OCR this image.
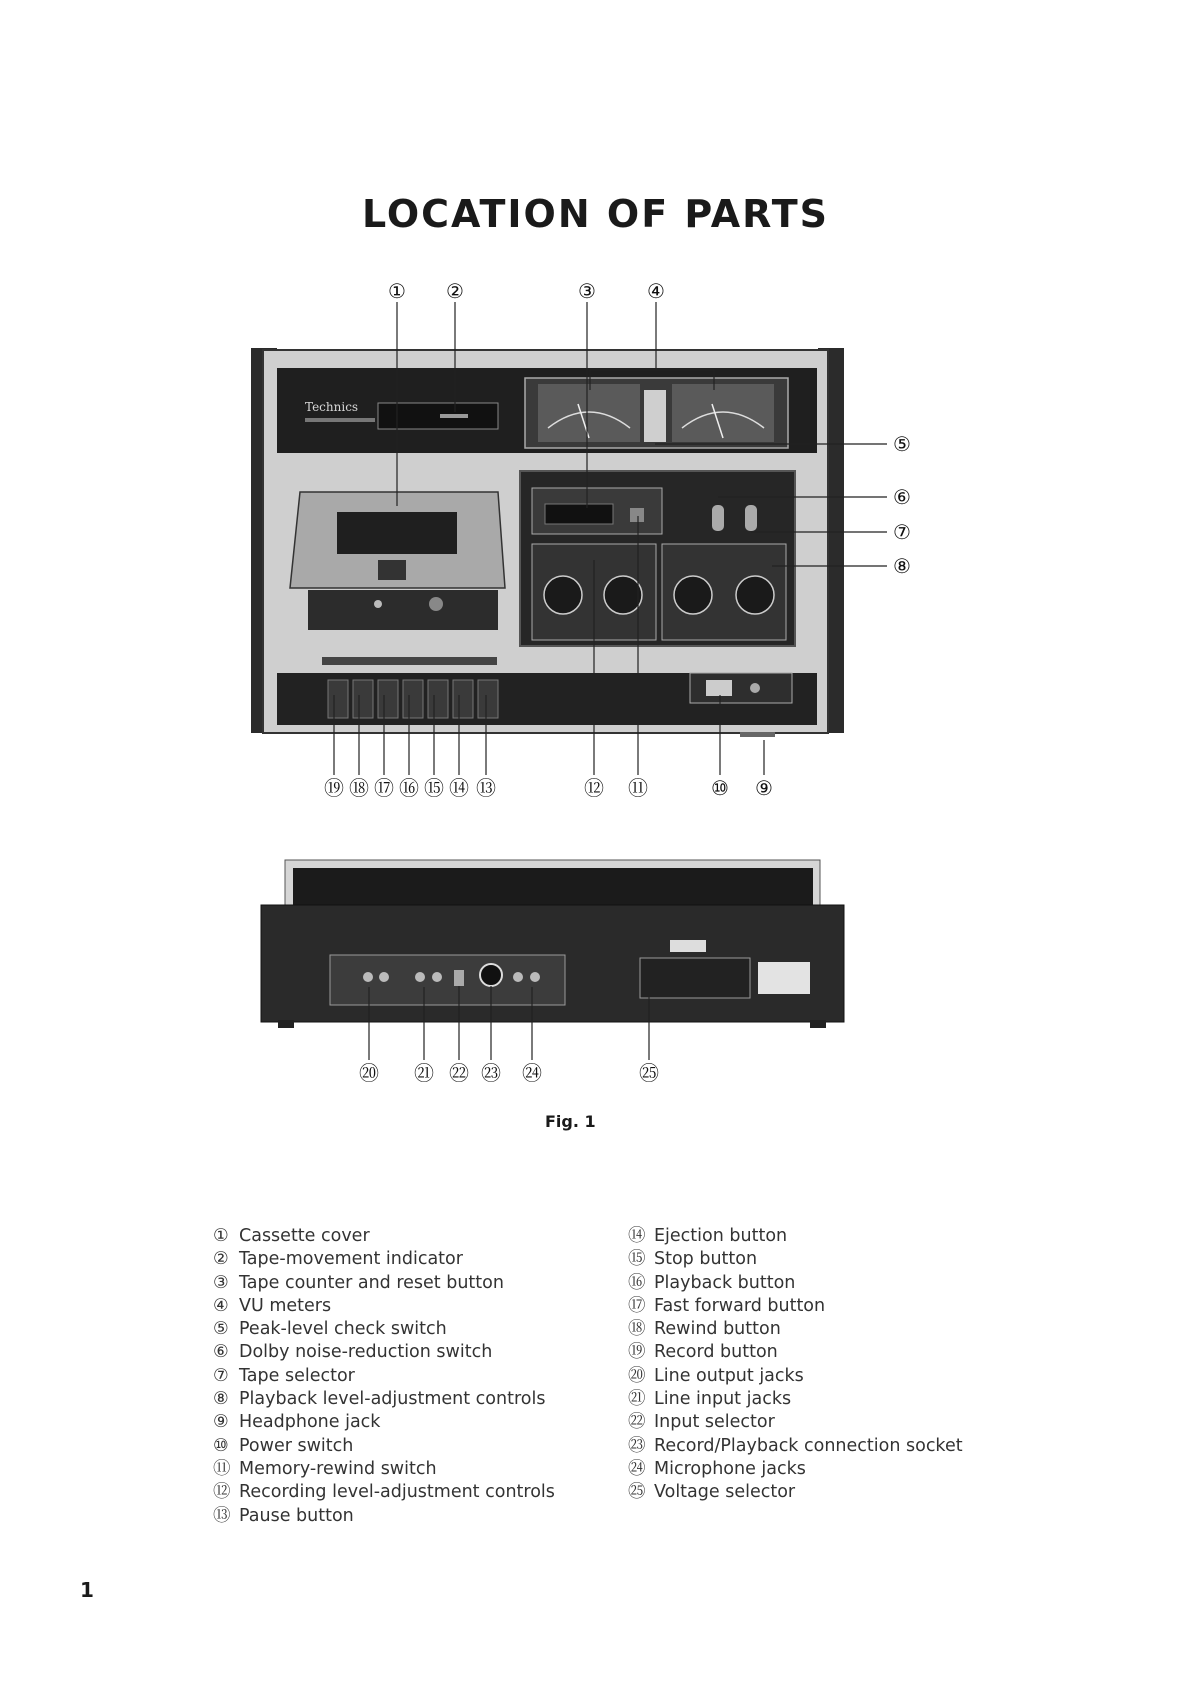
LOCATION OF PARTS
Technics
① ②	③	④
⑤
⑥
⑦
⑧
⑲ ⑱ ⑰ ⑯ ⑮ ⑭ ⑬	⑫ ⑪	⑩ ⑨
⑳ ㉑ ㉒ ㉓ ㉔	㉕
Fig. 1
① Cassette cover
② Tape-movement indicator
③ Tape counter and reset button
④ VU meters
⑤ Peak-level check switch
⑥ Dolby noise-reduction switch
⑦ Tape selector
⑧ Playback level-adjustment controls
⑨ Headphone jack
⑩ Power switch
⑪ Memory-rewind switch
⑫ Recording level-adjustment controls
⑬ Pause button
⑭ Ejection button
⑮ Stop button
⑯ Playback button
⑰ Fast forward button
⑱ Rewind button
⑲ Record button
⑳ Line output jacks
㉑ Line input jacks
㉒ Input selector
㉓ Record/Playback connection socket
㉔ Microphone jacks
㉕ Voltage selector
1
